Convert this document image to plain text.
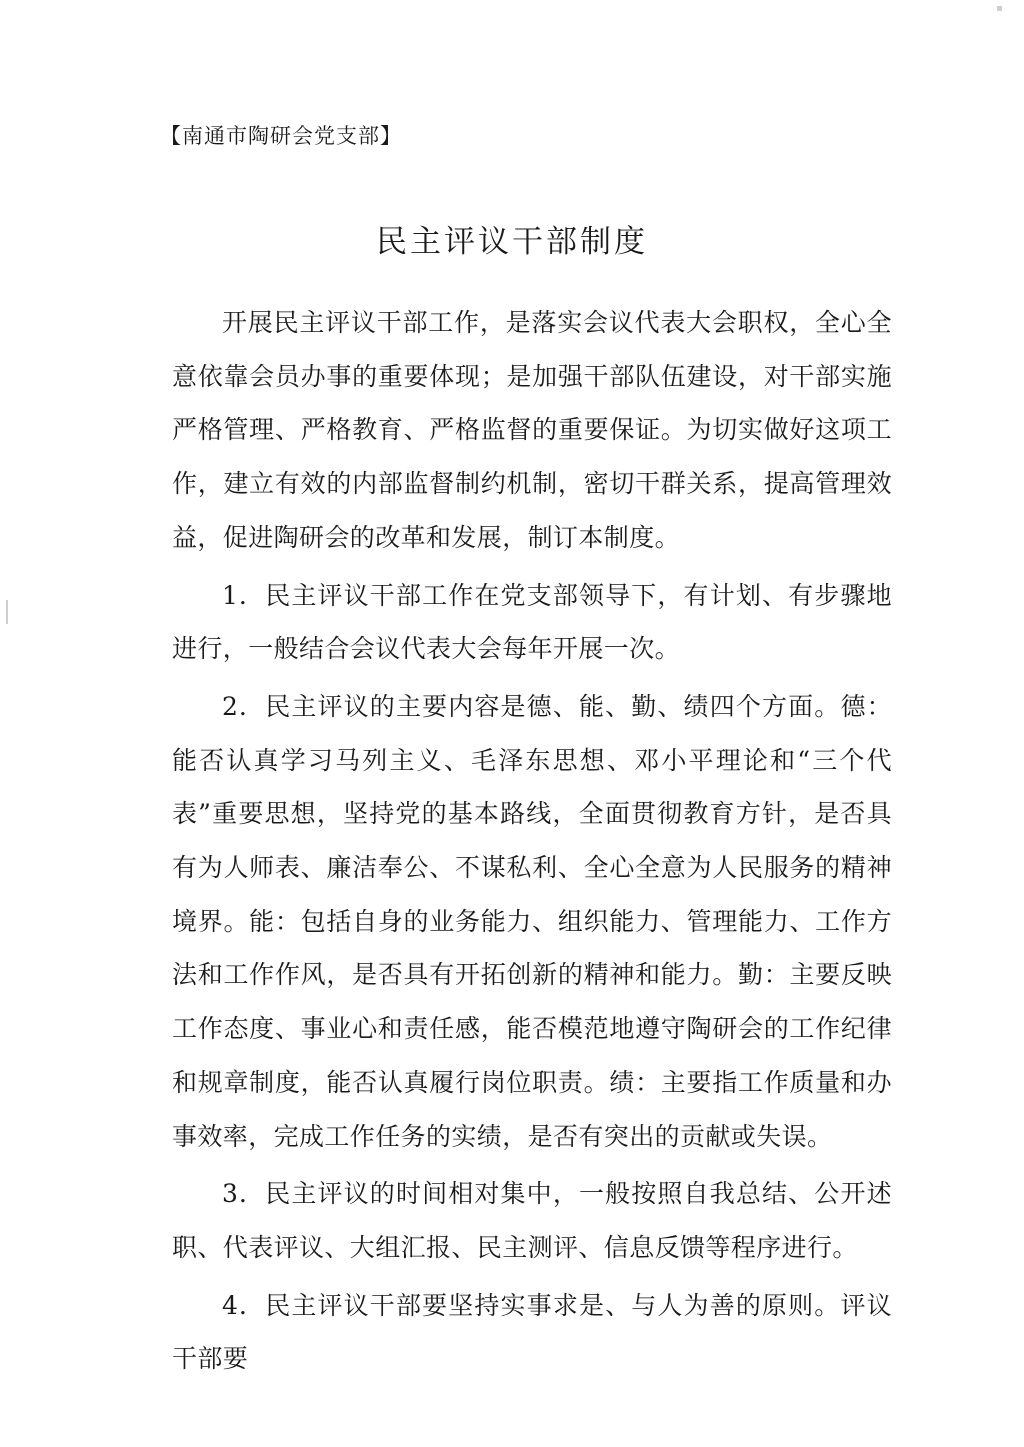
【南通市陶研会党支部】
民主评议干部制度

开展民主评议干部工作，是落实会议代表大会职权，全心全意依靠会员办事的重要体现；是加强干部队伍建设，对干部实施严格管理、严格教育、严格监督的重要保证。为切实做好这项工作，建立有效的内部监督制约机制，密切干群关系，提高管理效益，促进陶研会的改革和发展，制订本制度。

1．民主评议干部工作在党支部领导下，有计划、有步骤地进行，一般结合会议代表大会每年开展一次。

2．民主评议的主要内容是德、能、勤、绩四个方面。德：能否认真学习马列主义、毛泽东思想、邓小平理论和“三个代表”重要思想，坚持党的基本路线，全面贯彻教育方针，是否具有为人师表、廉洁奉公、不谋私利、全心全意为人民服务的精神境界。能：包括自身的业务能力、组织能力、管理能力、工作方法和工作作风，是否具有开拓创新的精神和能力。勤：主要反映工作态度、事业心和责任感，能否模范地遵守陶研会的工作纪律和规章制度，能否认真履行岗位职责。绩：主要指工作质量和办事效率，完成工作任务的实绩，是否有突出的贡献或失误。

3．民主评议的时间相对集中，一般按照自我总结、公开述职、代表评议、大组汇报、民主测评、信息反馈等程序进行。

4．民主评议干部要坚持实事求是、与人为善的原则。评议干部要
